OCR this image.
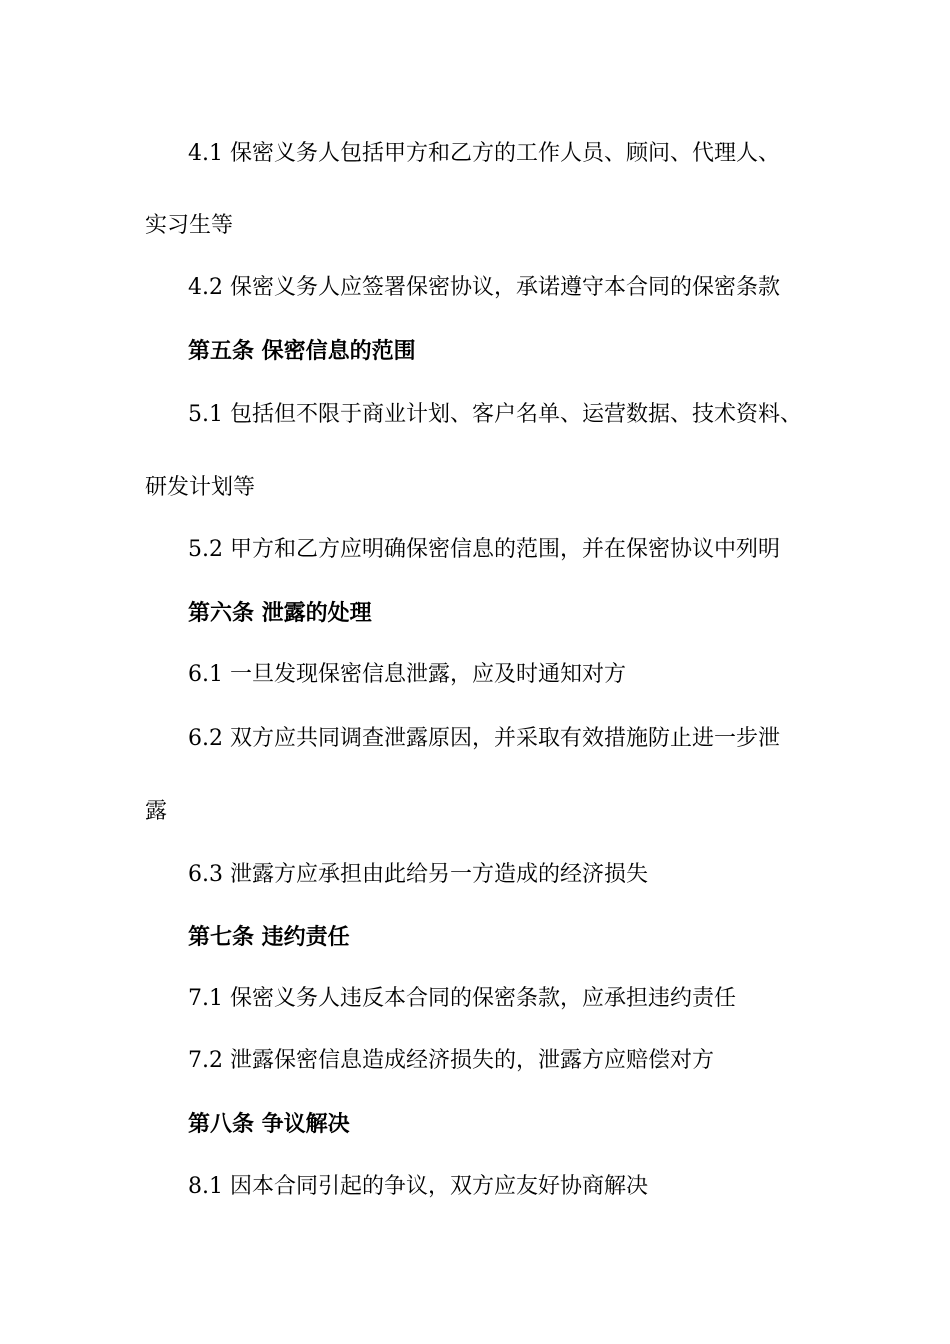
4.1 保密义务人包括甲方和乙方的工作人员、顾问、代理人、

实习生等

4.2 保密义务人应签署保密协议，承诺遵守本合同的保密条款

第五条 保密信息的范围

5.1 包括但不限于商业计划、客户名单、运营数据、技术资料、

研发计划等

5.2 甲方和乙方应明确保密信息的范围，并在保密协议中列明

第六条 泄露的处理

6.1 一旦发现保密信息泄露，应及时通知对方

6.2 双方应共同调查泄露原因，并采取有效措施防止进一步泄

露

6.3 泄露方应承担由此给另一方造成的经济损失

第七条 违约责任

7.1 保密义务人违反本合同的保密条款，应承担违约责任

7.2 泄露保密信息造成经济损失的，泄露方应赔偿对方

第八条 争议解决

8.1 因本合同引起的争议，双方应友好协商解决
